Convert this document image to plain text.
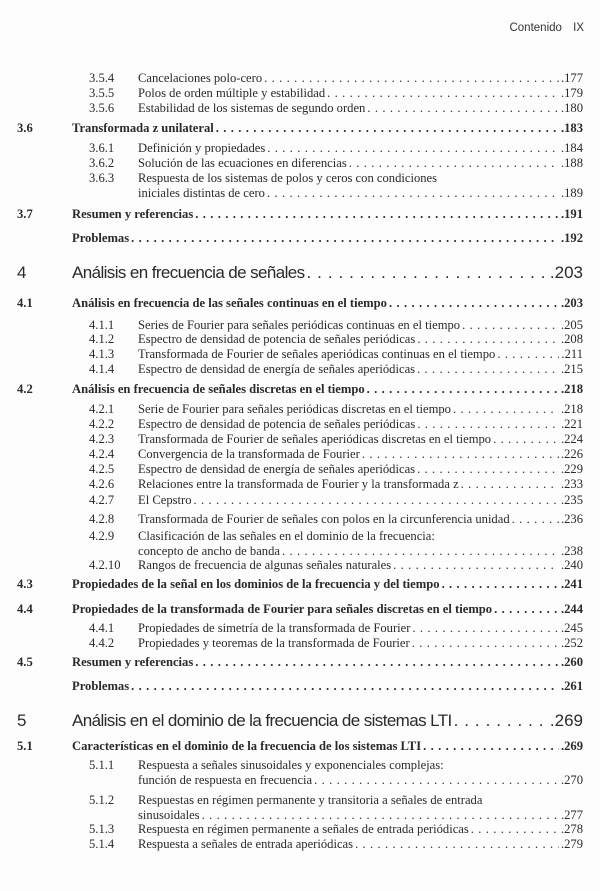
Contenido IX
3.5.4 Cancelaciones polo-cero . . .	.177
3.5.5 Polos de orden múltiple y estabilidad . . .	.179
3.5.6 Estabilidad de los sistemas de segundo orden . . .	.180
3.6	Transformada z unilateral . . .	.183
3.6.1 Definición y propiedades . . .	.184
3.6.2 Solución de las ecuaciones en diferencias . . .	.188
3.6.3 Respuesta de los sistemas de polos y ceros con condiciones
iniciales distintas de cero . . .	.189
3.7	Resumen y referencias . . .	.191
Problemas . . .	.192
4	Análisis en frecuencia de señales . . .	.203
4.1	Análisis en frecuencia de las señales continuas en el tiempo . . .	.203
4.1.1 Series de Fourier para señales periódicas continuas en el tiempo . . .	.205
4.1.2 Espectro de densidad de potencia de señales periódicas . . .	.208
4.1.3 Transformada de Fourier de señales aperiódicas continuas en el tiempo . . .	.211
4.1.4 Espectro de densidad de energía de señales aperiódicas . . .	.215
4.2	Análisis en frecuencia de señales discretas en el tiempo . . .	.218
4.2.1 Serie de Fourier para señales periódicas discretas en el tiempo . . .	.218
4.2.2 Espectro de densidad de potencia de señales periódicas . . .	.221
4.2.3 Transformada de Fourier de señales aperiódicas discretas en el tiempo . . .	.224
4.2.4 Convergencia de la transformada de Fourier . . .	.226
4.2.5 Espectro de densidad de energía de señales aperiódicas . . .	.229
4.2.6 Relaciones entre la transformada de Fourier y la transformada z . . .	.233
4.2.7 El Cepstro . . .	.235
4.2.8 Transformada de Fourier de señales con polos en la circunferencia unidad . . .	.236
4.2.9 Clasificación de las señales en el dominio de la frecuencia:
concepto de ancho de banda . . .	.238
4.2.10 Rangos de frecuencia de algunas señales naturales . . .	.240
4.3	Propiedades de la señal en los dominios de la frecuencia y del tiempo . . .	.241
4.4	Propiedades de la transformada de Fourier para señales discretas en el tiempo . . .	.244
4.4.1 Propiedades de simetría de la transformada de Fourier . . .	.245
4.4.2 Propiedades y teoremas de la transformada de Fourier . . .	.252
4.5	Resumen y referencias . . .	.260
Problemas . . .	.261
5	Análisis en el dominio de la frecuencia de sistemas LTI . . .	.269
5.1	Características en el dominio de la frecuencia de los sistemas LTI . . .	.269
5.1.1 Respuesta a señales sinusoidales y exponenciales complejas:
función de respuesta en frecuencia . . .	.270
5.1.2 Respuestas en régimen permanente y transitoria a señales de entrada
sinusoidales . . .	.277
5.1.3 Respuesta en régimen permanente a señales de entrada periódicas . . .	.278
5.1.4 Respuesta a señales de entrada aperiódicas . . .	.279
